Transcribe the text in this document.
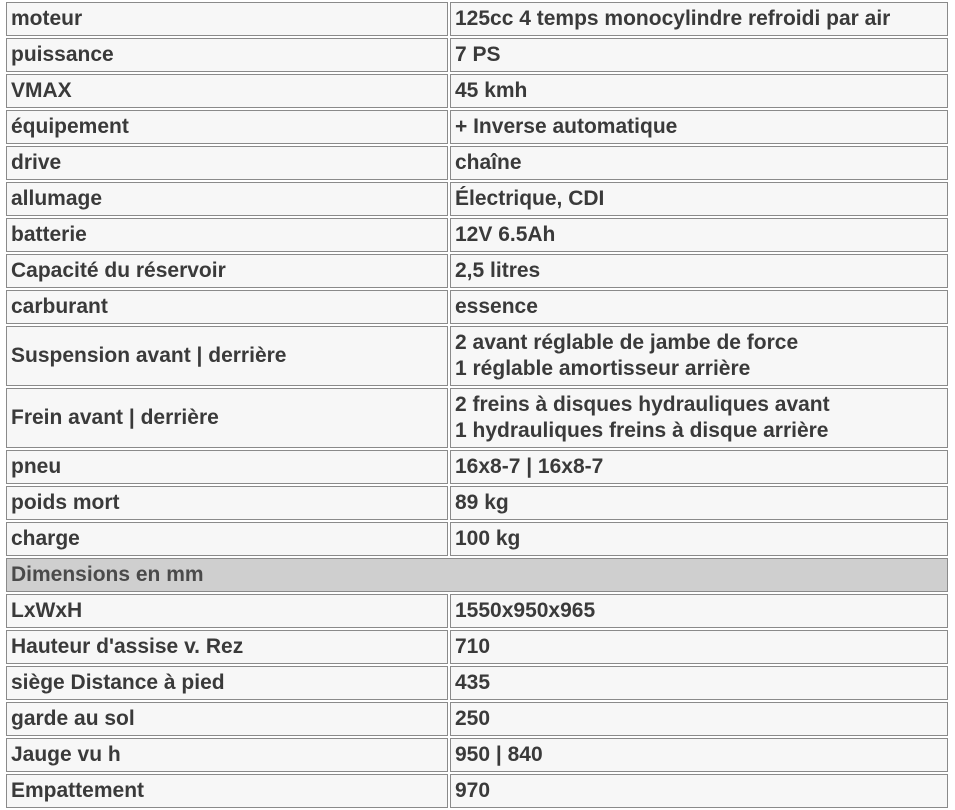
moteur	125cc 4 temps monocylindre refroidi par air
puissance	7 PS
VMAX	45 kmh
équipement	+ Inverse automatique
drive	chaîne
allumage	Électrique, CDI
batterie	12V 6.5Ah
Capacité du réservoir	2,5 litres
carburant	essence
Suspension avant | derrière	2 avant réglable de jambe de force
1 réglable amortisseur arrière

Frein avant | derrière	2 freins à disques hydrauliques avant
1 hydrauliques freins à disque arrière

pneu	16x8-7 | 16x8-7
poids mort	89 kg
charge	100 kg
Dimensions en mm	
LxWxH	1550x950x965
Hauteur d'assise v. Rez	710
siège Distance à pied	435
garde au sol	250
Jauge vu h	950 | 840
Empattement	970
